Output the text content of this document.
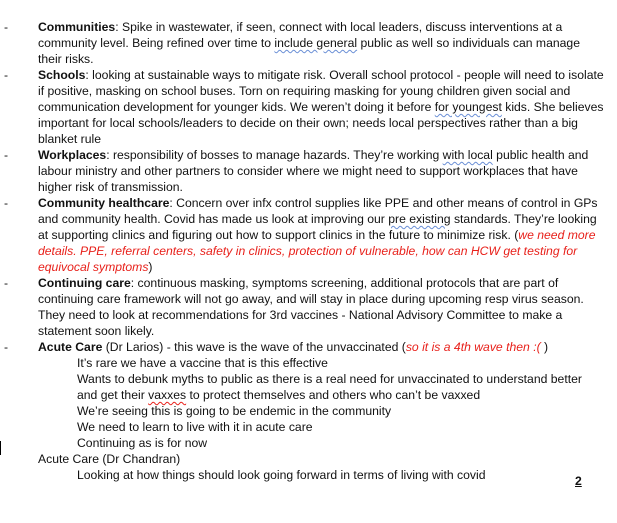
- Communities: Spike in wastewater, if seen, connect with local leaders, discuss interventions at a community level. Being refined over time to include general public as well so individuals can manage their risks.
- Schools: looking at sustainable ways to mitigate risk. Overall school protocol - people will need to isolate if positive, masking on school buses. Torn on requiring masking for young children given social and communication development for younger kids. We weren’t doing it before for youngest kids. She believes important for local schools/leaders to decide on their own; needs local perspectives rather than a big blanket rule
- Workplaces: responsibility of bosses to manage hazards. They’re working with local public health and labour ministry and other partners to consider where we might need to support workplaces that have higher risk of transmission.
- Community healthcare: Concern over infx control supplies like PPE and other means of control in GPs and community health. Covid has made us look at improving our pre existing standards. They’re looking at supporting clinics and figuring out how to support clinics in the future to minimize risk. (we need more details. PPE, referral centers, safety in clinics, protection of vulnerable, how can HCW get testing for equivocal symptoms)
- Continuing care: continuous masking, symptoms screening, additional protocols that are part of continuing care framework will not go away, and will stay in place during upcoming resp virus season. They need to look at recommendations for 3rd vaccines - National Advisory Committee to make a statement soon likely.
- Acute Care (Dr Larios) - this wave is the wave of the unvaccinated (so it is a 4th wave then :( )
It’s rare we have a vaccine that is this effective
Wants to debunk myths to public as there is a real need for unvaccinated to understand better and get their vaxxes to protect themselves and others who can’t be vaxxed
We’re seeing this is going to be endemic in the community
We need to learn to live with it in acute care
Continuing as is for now
Acute Care (Dr Chandran)
Looking at how things should look going forward in terms of living with covid	2
